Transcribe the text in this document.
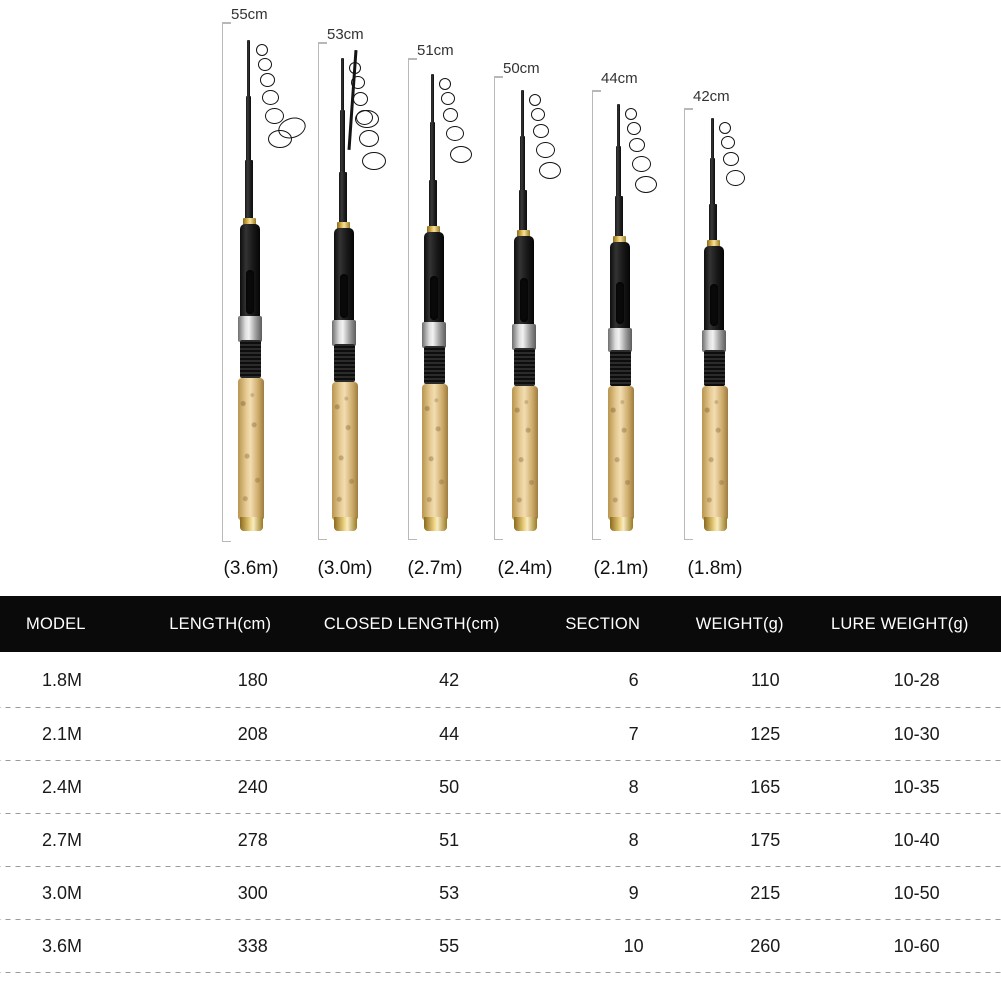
55cm
(3.6m)
53cm
(3.0m)
51cm
(2.7m)
50cm
(2.4m)
44cm
(2.1m)
42cm
(1.8m)
MODEL	LENGTH(cm)	CLOSED LENGTH(cm)	SECTION	WEIGHT(g)	LURE WEIGHT(g)
1.8M	180	42	6	110	10-28
2.1M	208	44	7	125	10-30
2.4M	240	50	8	165	10-35
2.7M	278	51	8	175	10-40
3.0M	300	53	9	215	10-50
3.6M	338	55	10	260	10-60
